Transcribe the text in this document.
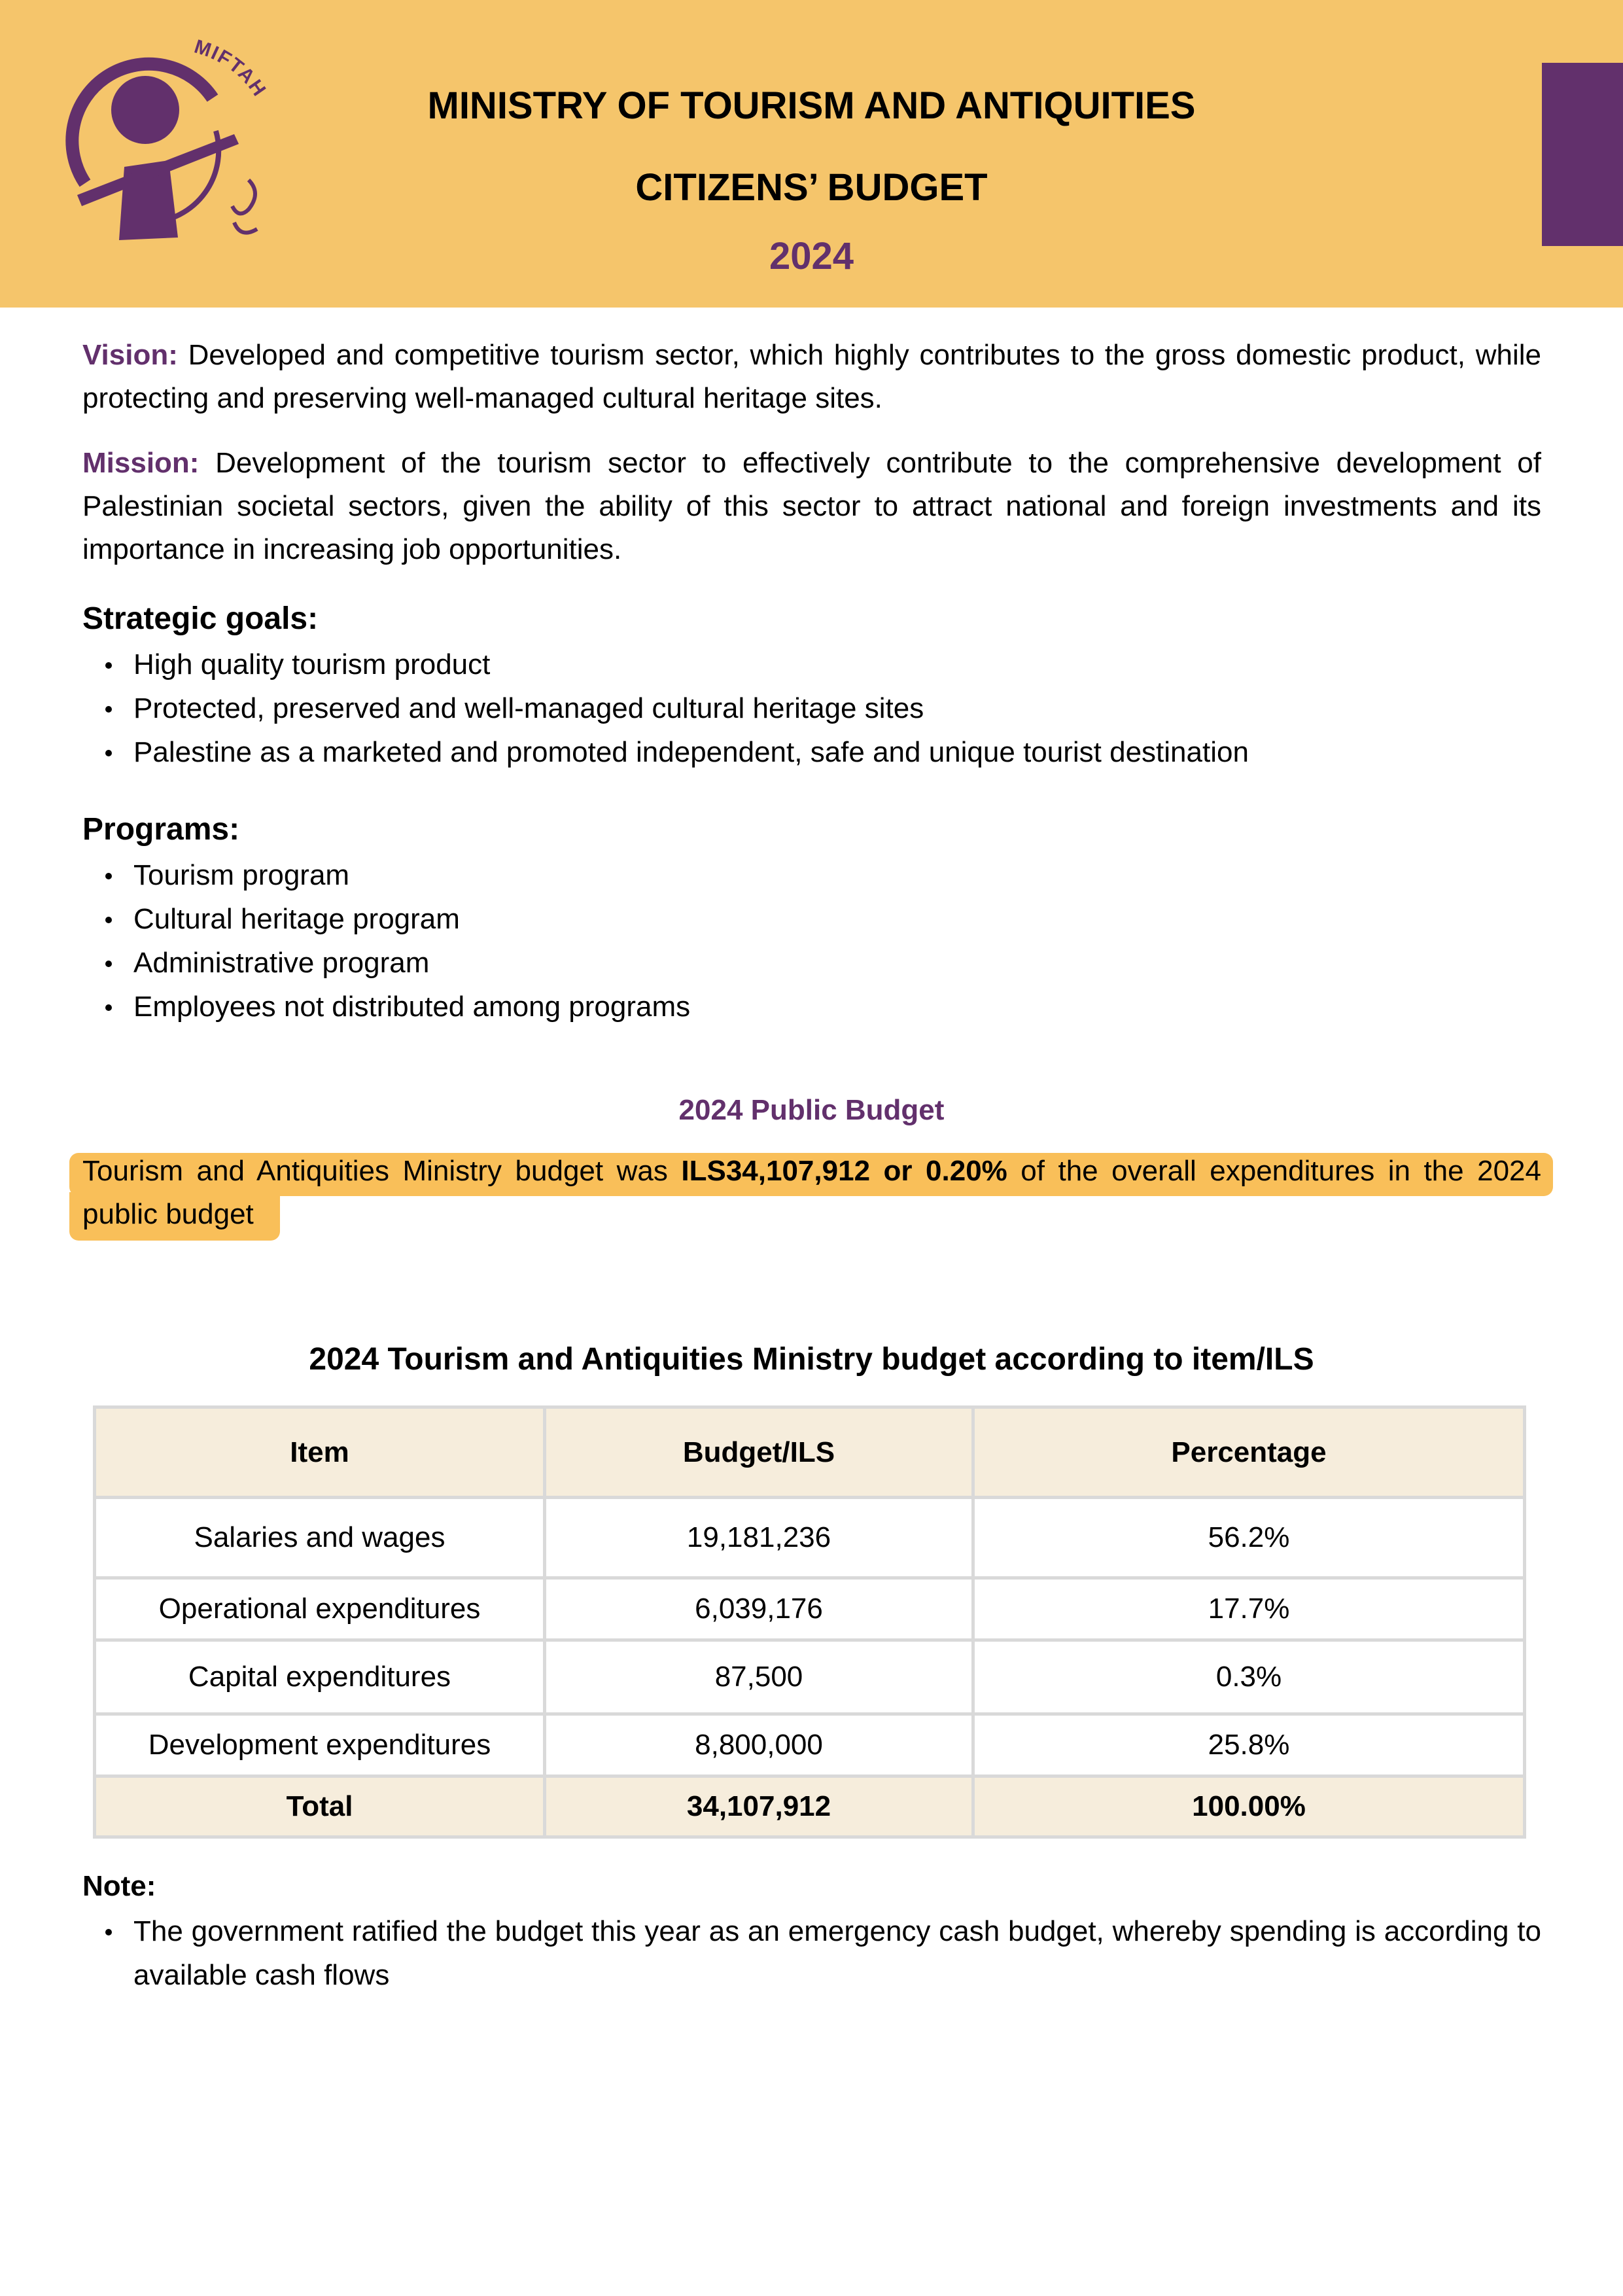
MIFTAH	MINISTRY OF TOURISM AND ANTIQUITIES
CITIZENS’ BUDGET
2024

Vision: Developed and competitive tourism sector, which highly contributes to the gross domestic product, while protecting and preserving well-managed cultural heritage sites.

Mission: Development of the tourism sector to effectively contribute to the comprehensive development of Palestinian societal sectors, given the ability of this sector to attract national and foreign investments and its importance in increasing job opportunities.

Strategic goals:
High quality tourism product
Protected, preserved and well-managed cultural heritage sites
Palestine as a marketed and promoted independent, safe and unique tourist destination
Programs:
Tourism program
Cultural heritage program
Administrative program
Employees not distributed among programs
2024 Public Budget

Tourism and Antiquities Ministry budget was ILS34,107,912 or 0.20% of the overall expenditures in the 2024 public budget

2024 Tourism and Antiquities Ministry budget according to item/ILS
Item	Budget/ILS	Percentage
Salaries and wages	19,181,236	56.2%
Operational expenditures	6,039,176	17.7%
Capital expenditures	87,500	0.3%
Development expenditures	8,800,000	25.8%
Total	34,107,912	100.00%
Note:
The government ratified the budget this year as an emergency cash budget, whereby spending is according to available cash flows
